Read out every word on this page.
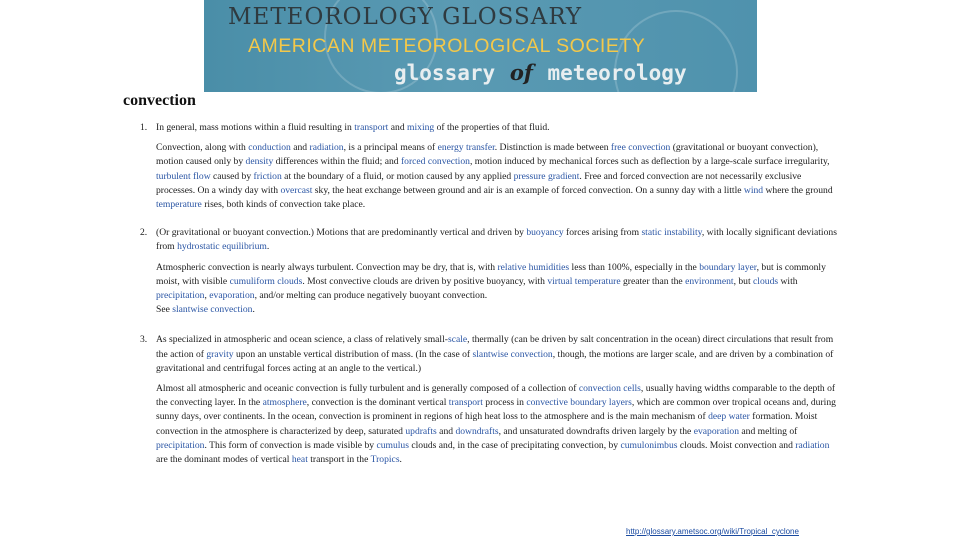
METEOROLOGY GLOSSARY
AMERICAN METEOROLOGICAL SOCIETY
glossary of meteorology
convection
1. In general, mass motions within a fluid resulting in transport and mixing of the properties of that fluid.

Convection, along with conduction and radiation, is a principal means of energy transfer. Distinction is made between free convection (gravitational or buoyant convection), motion caused only by density differences within the fluid; and forced convection, motion induced by mechanical forces such as deflection by a large-scale surface irregularity, turbulent flow caused by friction at the boundary of a fluid, or motion caused by any applied pressure gradient. Free and forced convection are not necessarily exclusive processes. On a windy day with overcast sky, the heat exchange between ground and air is an example of forced convection. On a sunny day with a little wind where the ground temperature rises, both kinds of convection take place.

2. (Or gravitational or buoyant convection.) Motions that are predominantly vertical and driven by buoyancy forces arising from static instability, with locally significant deviations from hydrostatic equilibrium.

Atmospheric convection is nearly always turbulent. Convection may be dry, that is, with relative humidities less than 100%, especially in the boundary layer, but is commonly moist, with visible cumuliform clouds. Most convective clouds are driven by positive buoyancy, with virtual temperature greater than the environment, but clouds with precipitation, evaporation, and/or melting can produce negatively buoyant convection.

See slantwise convection.

3. As specialized in atmospheric and ocean science, a class of relatively small-scale, thermally (can be driven by salt concentration in the ocean) direct circulations that result from the action of gravity upon an unstable vertical distribution of mass. (In the case of slantwise convection, though, the motions are larger scale, and are driven by a combination of gravitational and centrifugal forces acting at an angle to the vertical.)

Almost all atmospheric and oceanic convection is fully turbulent and is generally composed of a collection of convection cells, usually having widths comparable to the depth of the convecting layer. In the atmosphere, convection is the dominant vertical transport process in convective boundary layers, which are common over tropical oceans and, during sunny days, over continents. In the ocean, convection is prominent in regions of high heat loss to the atmosphere and is the main mechanism of deep water formation. Moist convection in the atmosphere is characterized by deep, saturated updrafts and downdrafts, and unsaturated downdrafts driven largely by the evaporation and melting of precipitation. This form of convection is made visible by cumulus clouds and, in the case of precipitating convection, by cumulonimbus clouds. Moist convection and radiation are the dominant modes of vertical heat transport in the Tropics.

http://glossary.ametsoc.org/wiki/Tropical_cyclone
